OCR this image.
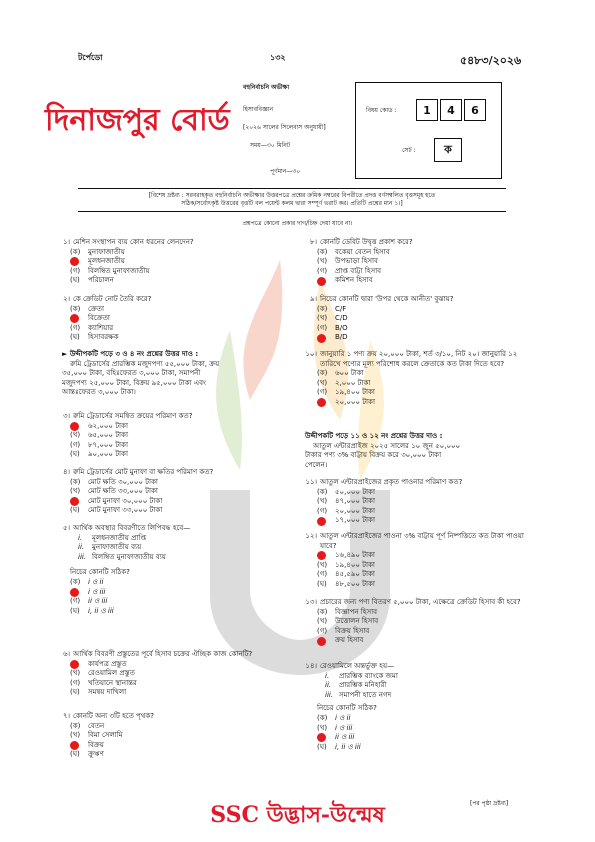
টর্পেডো	১৩২	৫৪৮৩/২০২৬
দিনাজপুর বোর্ড
বহুনির্বাচনি অভীক্ষা
হিসাববিজ্ঞান
[২০২৬ সালের সিলেবাস অনুযায়ী]
সময়—৩০ মিনিট
পূর্ণমান—৩০
বিষয় কোড :	1	4	6
সেট :	ক
[বিশেষ দ্রষ্টব্য : সরবরাহকৃত বহুনির্বাচনি অভীক্ষার উত্তরপত্রে প্রশ্নের ক্রমিক নম্বরের বিপরীতে প্রদত্ত বর্ণসম্বলিত বৃত্তসমূহ হতে
সঠিক/সর্বোৎকৃষ্ট উত্তরের বৃত্তটি বল পয়েন্ট কলম দ্বারা সম্পূর্ণ ভরাট কর। প্রতিটি প্রশ্নের মান ১।]
প্রশ্নপত্রে কোনো প্রকার দাগ/চিহ্ন দেয়া যাবে না।
১। মেশিন সংস্থাপন ব্যয় কোন ধরনের লেনদেন?
(ক)	মুনাফাজাতীয়
মূলধনজাতীয়
(গ)	বিলম্বিত মুনাফাজাতীয়
(ঘ)	পরিচালন
২। কে ক্রেডিট নোট তৈরি করে?
(ক)	ক্রেতা
বিক্রেতা
(গ)	ক্যাশিয়ার
(ঘ)	হিসাবরক্ষক
► উদ্দীপকটি পড়ে ৩ ও ৪ নং প্রশ্নের উত্তর দাও :
রুমি ট্রেডার্সের প্রারম্ভিক মজুদপণ্য ৫৫,০০০ টাকা, ক্রয়
৩৫,০০০ টাকা, বহিঃফেরত ৩,০০০ টাকা, সমাপনী
মজুদপণ্য ২৫,০০০ টাকা, বিক্রয় ৯৫,০০০ টাকা এবং
আন্তঃফেরত ৩,০০০ টাকা।
৩। রুমি ট্রেডার্সের সমন্বিত ক্রয়ের পরিমাণ কত?
৬২,০০০ টাকা
(খ)	৬৫,০০০ টাকা
(গ)	৮৭,০০০ টাকা
(ঘ)	৯০,০০০ টাকা
৪। রুমি ট্রেডার্সের মোট মুনাফা বা ক্ষতির পরিমাণ কত?
(ক)	মোট ক্ষতি ৩০,০০০ টাকা
(খ)	মোট ক্ষতি ৩৩,০০০ টাকা
মোট মুনাফা ৩০,০০০ টাকা
(ঘ)	মোট মুনাফা ৩৩,০০০ টাকা
৫। আর্থিক অবস্থার বিবরণীতে লিপিবদ্ধ হবে—
i.	মূলধনজাতীয় প্রাপ্তি
ii.	মুনাফাজাতীয় ব্যয়
iii. বিলম্বিত মুনাফাজাতীয় ব্যয়
নিচের কোনটি সঠিক?
(ক)	i ও ii
i ও iii
(গ)	ii ও iii
(ঘ)	i, ii ও iii
৬। আর্থিক বিবরণী প্রস্তুতের পূর্বে হিসাব চক্রের ঐচ্ছিক কাজ কোনটি?
কার্যপত্র প্রস্তুত
(খ)	রেওয়ামিল প্রস্তুত
(গ)	খতিয়ানে স্থানান্তর
(ঘ)	সমন্বয় দাখিলা
৭। কোনটি অন্য ৩টি হতে পৃথক?
(ক)	বেতন
(খ)	বিমা সেলামি
বিক্রয়
(ঘ)	ক্রুঋণ
৮। কোনটি ডেবিট উদ্বৃত্ত প্রকাশ করে?
(ক)	বকেয়া বেতন হিসাব
(খ)	উপভাড়া হিসাব
(গ)	প্রাপ্ত বাট্টা হিসাব
কমিশন হিসাব
৯। নিচের কোনটি দ্বারা 'উপর থেকে আনীত' বুঝায়?
(ক)	C/F
(খ)	C/D
(গ)	B/O
B/D
১০। জানুয়ারি ১ পণ্য ক্রয় ২০,০০০ টাকা, শর্ত ৩/১০, নিট ২০। জানুয়ারি ১২ তারিখে পণ্যের মূল্য পরিশোধ করলে ক্রেতাকে কত টাকা দিতে হবে?
(ক)	৬০০ টাকা
(খ)	২,০০০ টাকা
(গ)	১৯,৪০০ টাকা
২০,০০০ টাকা
উদ্দীপকটি পড়ে ১১ ও ১২ নং প্রশ্নের উত্তর দাও :
আতুল এন্টারপ্রাইজ ২০২৫ সালের ১০ জুন ৫০,০০০
টাকার পণ্য ৩% বাট্টায় বিক্রয় করে ৩০,০০০ টাকা
পেলেন।
১১। আতুল এন্টারপ্রাইজের প্রকৃত পাওনার পরিমাণ কত?
(ক)	৫০,০০০ টাকা
(খ)	৪৭,০০০ টাকা
(গ)	২০,০০০ টাকা
১৭,০০০ টাকা
১২। আতুল এন্টারপ্রাইজের পাওনা ৩% বাট্টায় পূর্ণ নিষ্পত্তিতে কত টাকা পাওয়া যাবে?
১৬,৪৯০ টাকা
(খ)	১৯,৪০০ টাকা
(গ)	৪৫,৫৯০ টাকা
(ঘ)	৪৮,৫০০ টাকা
১৩। প্রচারের জন্য পণ্য বিতরণ ৫,০০০ টাকা, এক্ষেত্রে ক্রেডিট হিসাব কী হবে?
(ক)	বিজ্ঞাপন হিসাব
(খ)	উত্তোলন হিসাব
(গ)	বিক্রয় হিসাব
ক্রয় হিসাব
১৪। রেওয়ামিলে অন্তর্ভুক্ত হয়—
i.	প্রারম্ভিক ব্যাংকে জমা
ii.	প্রারম্ভিক মনিহারী
iii. সমাপনী হাতে নগদ
নিচের কোনটি সঠিক?
(ক)	i ও ii
(খ)	i ও iii
ii ও iii
(ঘ)	i, ii ও iii
SSC উদ্ভাস-উন্মেষ	[পর পৃষ্ঠা দ্রষ্টব্য]
